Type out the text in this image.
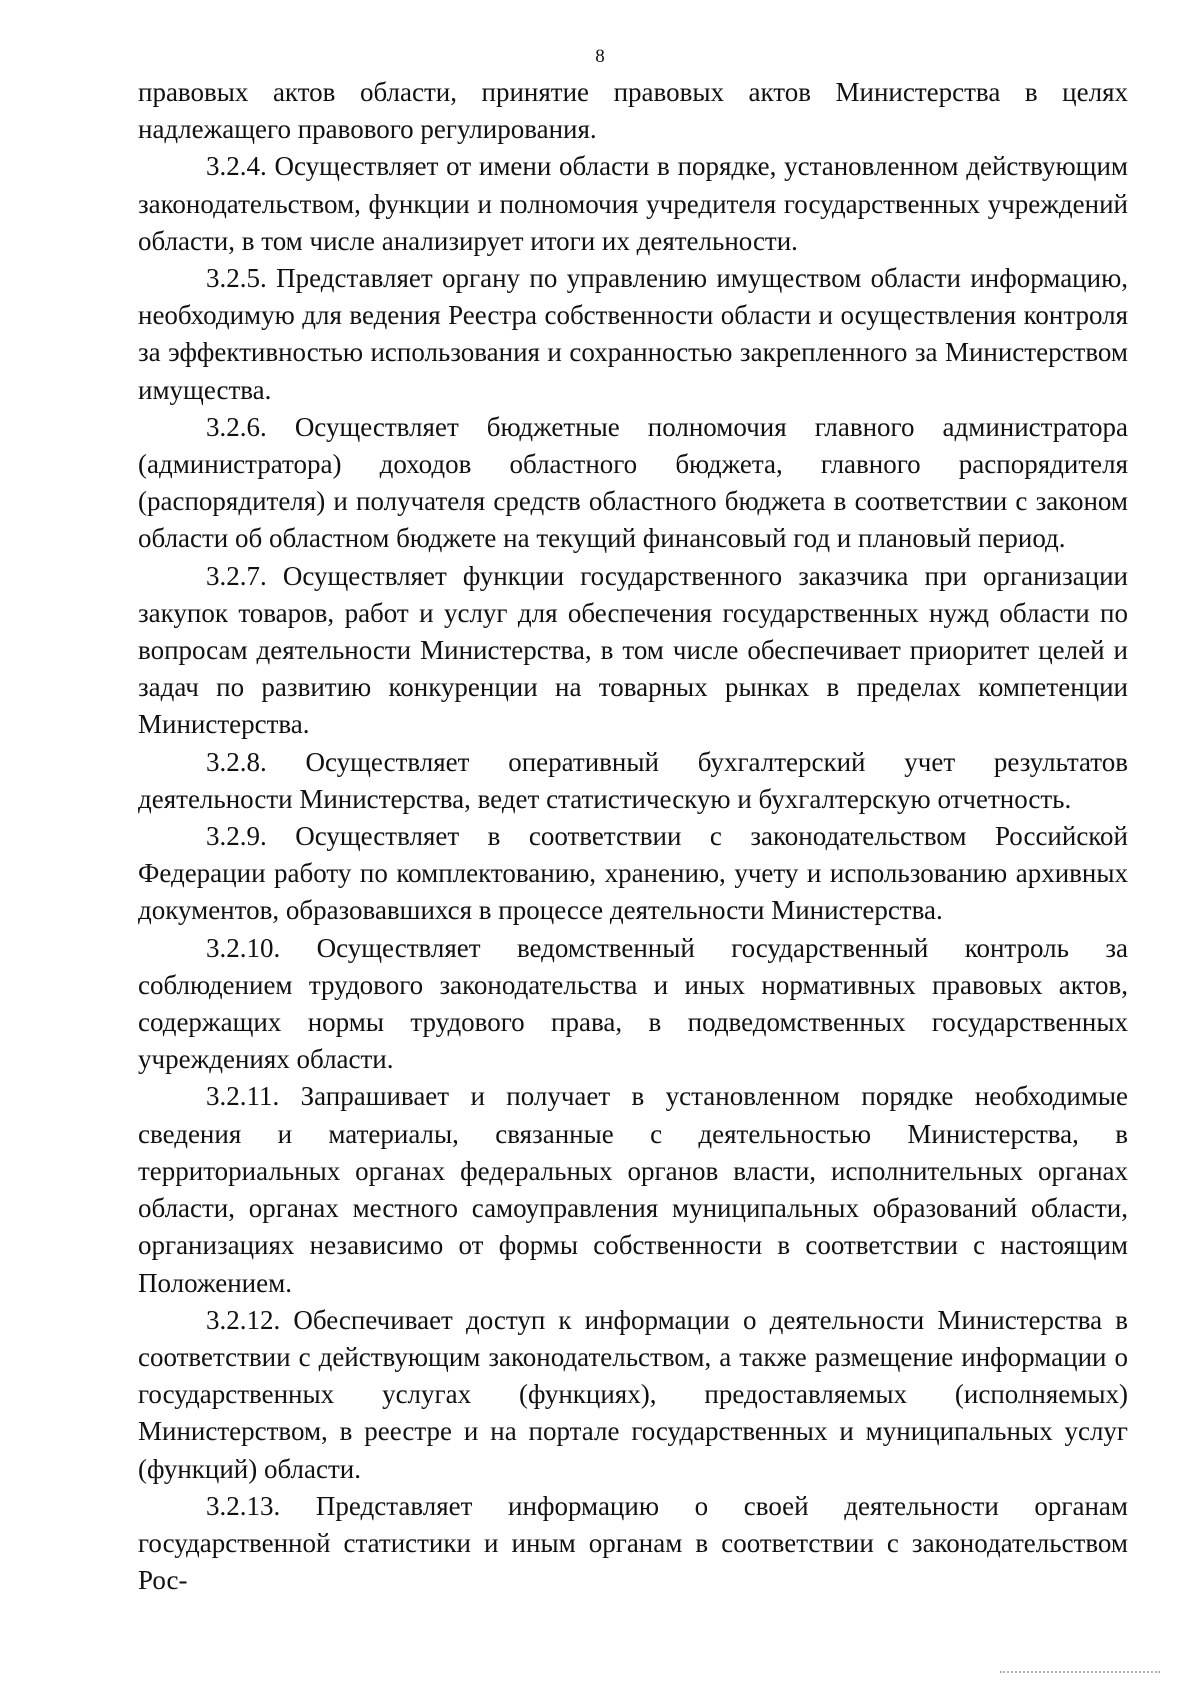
8

правовых актов области, принятие правовых актов Министерства в целях надлежащего правового регулирования.

3.2.4. Осуществляет от имени области в порядке, установленном действующим законодательством, функции и полномочия учредителя государственных учреждений области, в том числе анализирует итоги их деятельности.

3.2.5. Представляет органу по управлению имуществом области информацию, необходимую для ведения Реестра собственности области и осуществления контроля за эффективностью использования и сохранностью закрепленного за Министерством имущества.

3.2.6. Осуществляет бюджетные полномочия главного администратора (администратора) доходов областного бюджета, главного распорядителя (распорядителя) и получателя средств областного бюджета в соответствии с законом области об областном бюджете на текущий финансовый год и плановый период.

3.2.7. Осуществляет функции государственного заказчика при организации закупок товаров, работ и услуг для обеспечения государственных нужд области по вопросам деятельности Министерства, в том числе обеспечивает приоритет целей и задач по развитию конкуренции на товарных рынках в пределах компетенции Министерства.

3.2.8. Осуществляет оперативный бухгалтерский учет результатов деятельности Министерства, ведет статистическую и бухгалтерскую отчетность.

3.2.9. Осуществляет в соответствии с законодательством Российской Федерации работу по комплектованию, хранению, учету и использованию архивных документов, образовавшихся в процессе деятельности Министерства.

3.2.10. Осуществляет ведомственный государственный контроль за соблюдением трудового законодательства и иных нормативных правовых актов, содержащих нормы трудового права, в подведомственных государственных учреждениях области.

3.2.11. Запрашивает и получает в установленном порядке необходимые сведения и материалы, связанные с деятельностью Министерства, в территориальных органах федеральных органов власти, исполнительных органах области, органах местного самоуправления муниципальных образований области, организациях независимо от формы собственности в соответствии с настоящим Положением.

3.2.12. Обеспечивает доступ к информации о деятельности Министерства в соответствии с действующим законодательством, а также размещение информации о государственных услугах (функциях), предоставляемых (исполняемых) Министерством, в реестре и на портале государственных и муниципальных услуг (функций) области.

3.2.13. Представляет информацию о своей деятельности органам государственной статистики и иным органам в соответствии с законодательством Рос-
